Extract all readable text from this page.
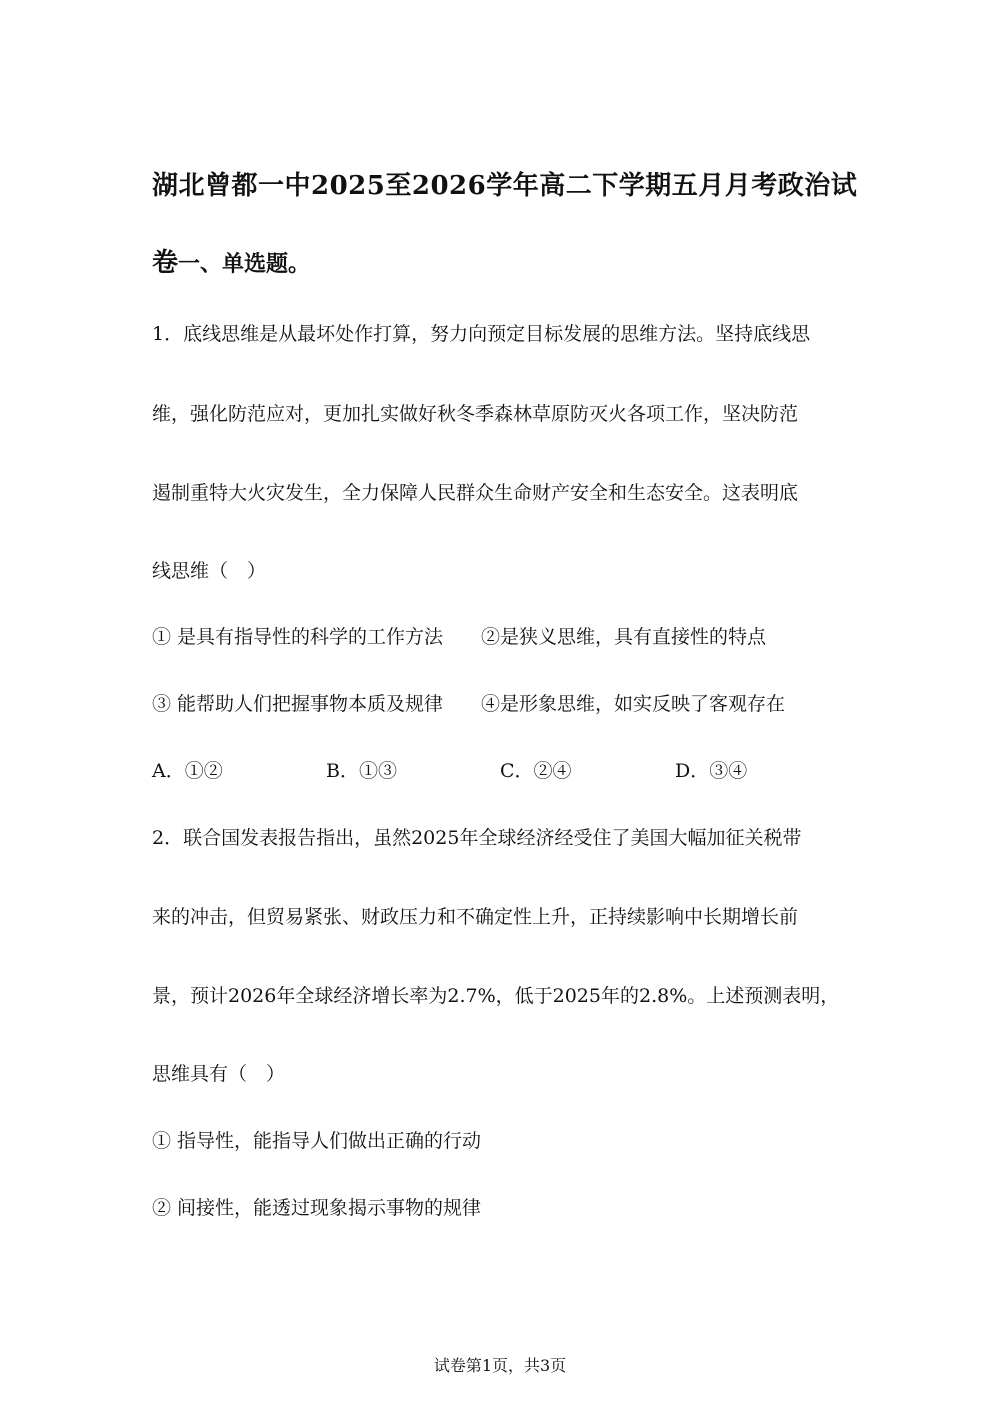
湖北曾都一中2025至2026学年高二下学期五月月考政治试
卷一、单选题。
1．底线思维是从最坏处作打算，努力向预定目标发展的思维方法。坚持底线思
维，强化防范应对，更加扎实做好秋冬季森林草原防灭火各项工作，坚决防范
遏制重特大火灾发生，全力保障人民群众生命财产安全和生态安全。这表明底
线思维（　）
① 是具有指导性的科学的工作方法　　②是狭义思维，具有直接性的特点
③ 能帮助人们把握事物本质及规律　　④是形象思维，如实反映了客观存在
A．①②	B．①③	C．②④	D．③④
2．联合国发表报告指出，虽然2025年全球经济经受住了美国大幅加征关税带
来的冲击，但贸易紧张、财政压力和不确定性上升，正持续影响中长期增长前
景，预计2026年全球经济增长率为2.7%，低于2025年的2.8%。上述预测表明，
思维具有（　）
① 指导性，能指导人们做出正确的行动
② 间接性，能透过现象揭示事物的规律
试卷第1页，共3页
